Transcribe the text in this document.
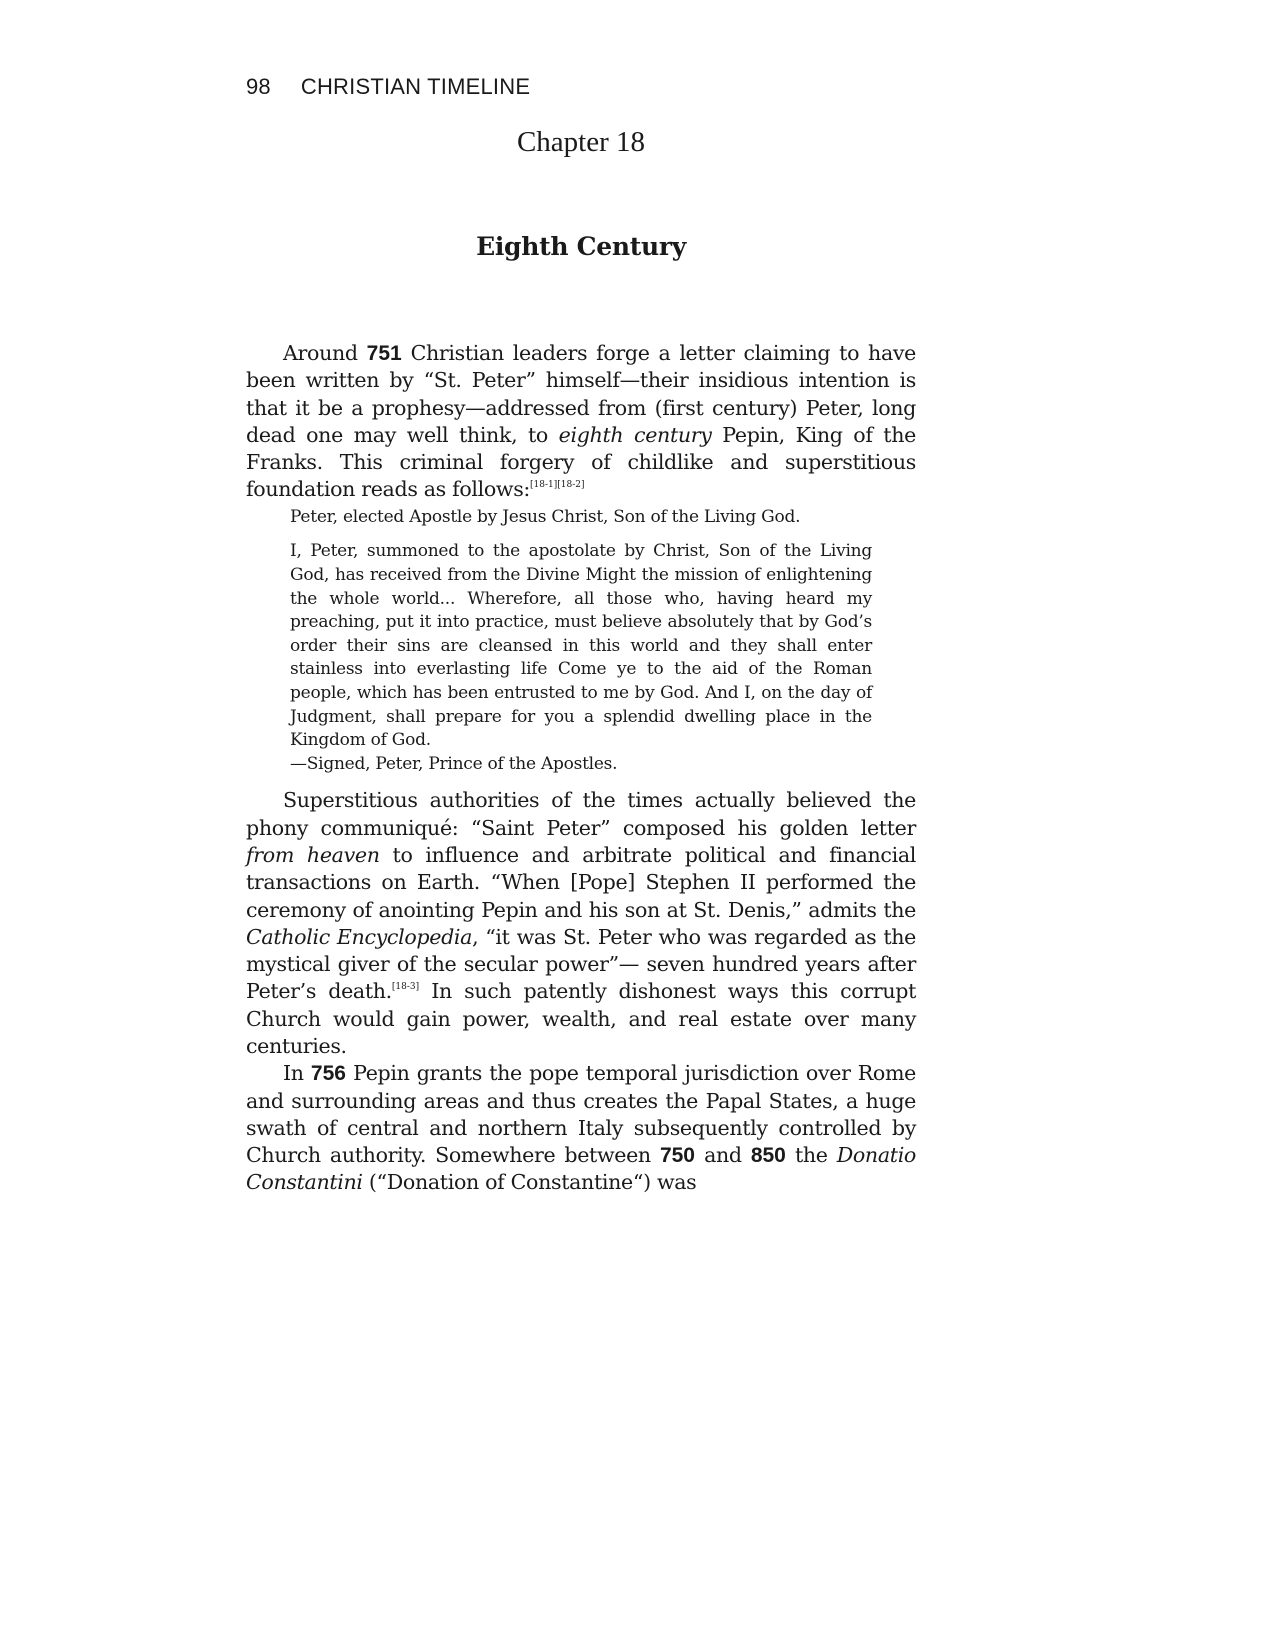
98 CHRISTIAN TIMELINE
Chapter 18
Eighth Century

Around 751 Christian leaders forge a letter claiming to have been written by “St. Peter” himself—their insidious intention is that it be a prophesy—addressed from (first century) Peter, long dead one may well think, to eighth century Pepin, King of the Franks. This criminal forgery of childlike and superstitious foundation reads as follows:[18-1][18-2]

Peter, elected Apostle by Jesus Christ, Son of the Living God.

I, Peter, summoned to the apostolate by Christ, Son of the Living God, has received from the Divine Might the mission of enlightening the whole world... Wherefore, all those who, having heard my preaching, put it into practice, must believe absolutely that by God’s order their sins are cleansed in this world and they shall enter stainless into everlasting life Come ye to the aid of the Roman people, which has been entrusted to me by God. And I, on the day of Judgment, shall prepare for you a splendid dwelling place in the Kingdom of God.

—Signed, Peter, Prince of the Apostles.

Superstitious authorities of the times actually believed the phony communiqué: “Saint Peter” composed his golden letter from heaven to influence and arbitrate political and financial transactions on Earth. “When [Pope] Stephen II performed the ceremony of anointing Pepin and his son at St. Denis,” admits the Catholic Encyclopedia, “it was St. Peter who was regarded as the mystical giver of the secular power”— seven hundred years after Peter’s death.[18-3] In such patently dishonest ways this corrupt Church would gain power, wealth, and real estate over many centuries.

In 756 Pepin grants the pope temporal jurisdiction over Rome and surrounding areas and thus creates the Papal States, a huge swath of central and northern Italy subsequently controlled by Church authority. Somewhere between 750 and 850 the Donatio Constantini (“Donation of Constantine“) was
